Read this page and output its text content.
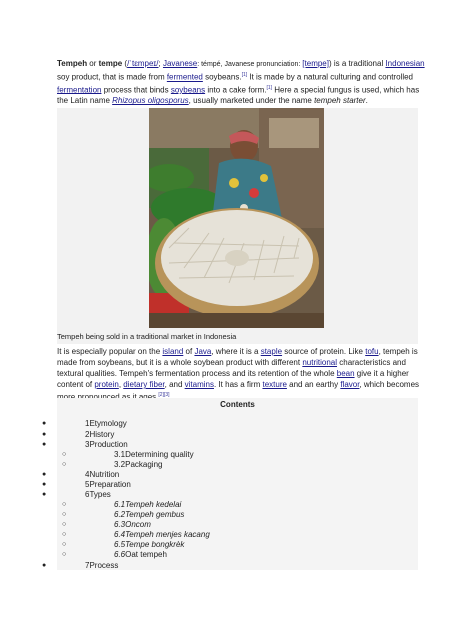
Tempeh or tempe (/ˈtɛmpeɪ/; Javanese: témpé, Javanese pronunciation: [tempe]) is a traditional Indonesian soy product, that is made from fermented soybeans.[1] It is made by a natural culturing and controlled fermentation process that binds soybeans into a cake form.[1] Here a special fungus is used, which has the Latin name Rhizopus oligosporus, usually marketed under the name tempeh starter.
Tempeh being sold in a traditional market in Indonesia
It is especially popular on the island of Java, where it is a staple source of protein. Like tofu, tempeh is made from soybeans, but it is a whole soybean product with different nutritional characteristics and textural qualities. Tempeh's fermentation process and its retention of the whole bean give it a higher content of protein, dietary fiber, and vitamins. It has a firm texture and an earthy flavor, which becomes [2][3]
Contents
●	1Etymology
●	2History
●	3Production
○	3.1Determining quality
○	3.2Packaging
●	4Nutrition
●	5Preparation
●	6Types
○	6.1Tempeh kedelai
○	6.2Tempeh gembus
○	6.3Oncom
○	6.4Tempeh menjes kacang
○	6.5Tempe bongkrèk
○	6.6Oat tempeh
●	7Process
